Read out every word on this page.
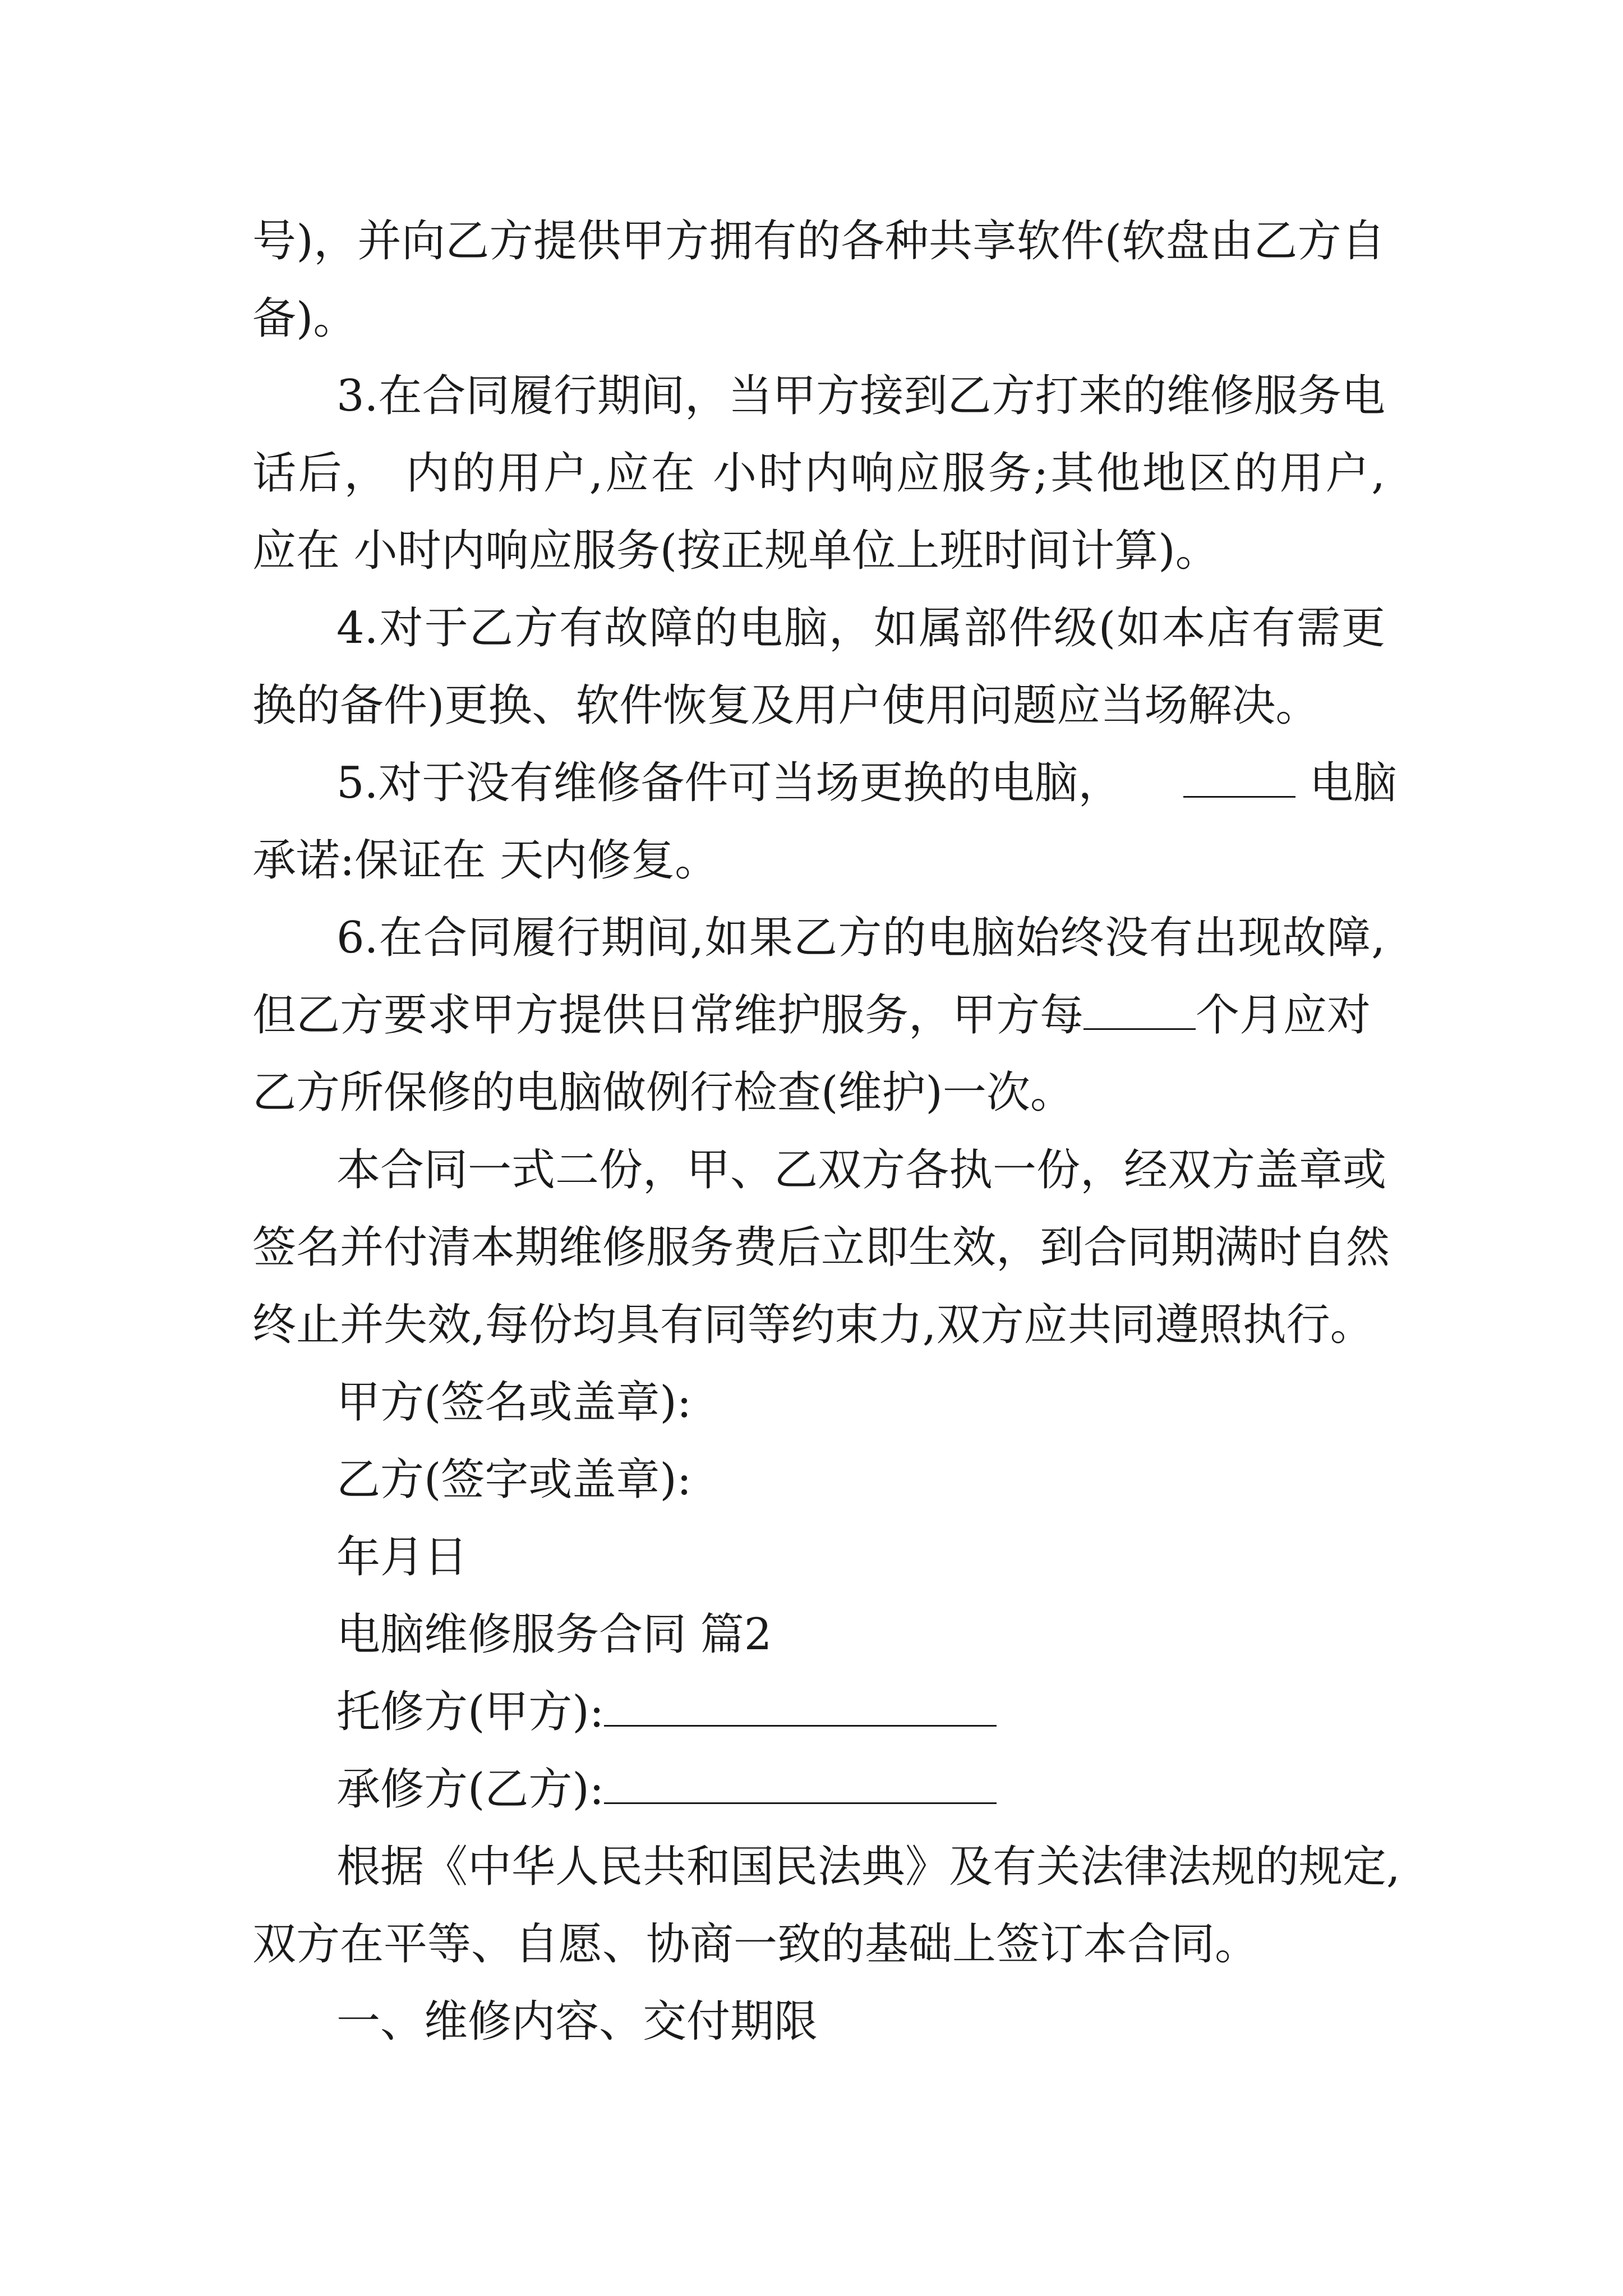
号)，并向乙方提供甲方拥有的各种共享软件(软盘由乙方自
备)。
3.在合同履行期间，当甲方接到乙方打来的维修服务电
话后， 内的用户,应在 小时内响应服务;其他地区的用户,
应在 小时内响应服务(按正规单位上班时间计算)。
4.对于乙方有故障的电脑，如属部件级(如本店有需更
换的备件)更换、软件恢复及用户使用问题应当场解决。
5.对于没有维修备件可当场更换的电脑，	电脑
承诺:保证在 天内修复。
6.在合同履行期间,如果乙方的电脑始终没有出现故障,
但乙方要求甲方提供日常维护服务，甲方每	个月应对
乙方所保修的电脑做例行检查(维护)一次。
本合同一式二份，甲、乙双方各执一份，经双方盖章或
签名并付清本期维修服务费后立即生效，到合同期满时自然
终止并失效,每份均具有同等约束力,双方应共同遵照执行。
甲方(签名或盖章):
乙方(签字或盖章):
年月日
电脑维修服务合同 篇2
托修方(甲方):
承修方(乙方):
根据《中华人民共和国民法典》及有关法律法规的规定,
双方在平等、自愿、协商一致的基础上签订本合同。
一、维修内容、交付期限
